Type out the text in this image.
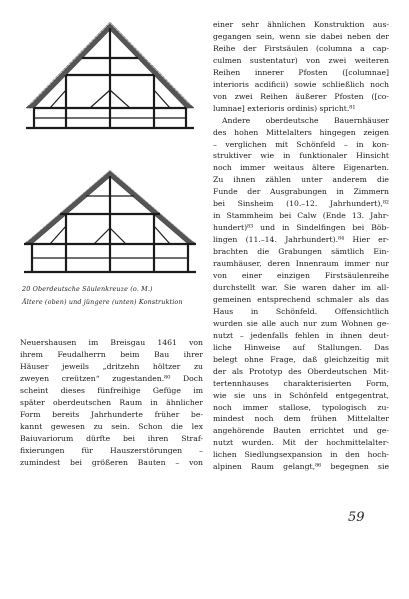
20 Oberdeutsche Säulenkreuze (o. M.)
Ältere (oben) und jüngere (unten) Konstruktion
Neuershausen im Breisgau 1461 von
ihrem Feudalherrn beim Bau ihrer
Häuser jeweils „dritzehn höltzer zu
zweyen creützen“ zugestanden.⁸⁰ Doch
scheint dieses fünfreihige Gefüge im
später oberdeutschen Raum in ähnlicher
Form bereits Jahrhunderte früher be-
kannt gewesen zu sein. Schon die lex
Baiuvariorum dürfte bei ihren Straf-
fixierungen für Hauszerstörungen –
zumindest bei größeren Bauten – von
einer sehr ähnlichen Konstruktion aus-
gegangen sein, wenn sie dabei neben der
Reihe der Firstsäulen (columna a cap-
culmen sustentatur) von zwei weiteren
Reihen innerer Pfosten ([columnae]
interioris acdificii) sowie schließlich noch
von zwei Reihen äußerer Pfosten ([co-
lumnae] exterioris ordinis) spricht.⁸¹
Andere oberdeutsche Bauernhäuser
des hohen Mittelalters hingegen zeigen
– verglichen mit Schönfeld – in kon-
struktiver wie in funktionaler Hinsicht
noch immer weitaus ältere Eigenarten.
Zu ihnen zählen unter anderem die
Funde der Ausgrabungen in Zimmern
bei Sinsheim (10.–12. Jahrhundert),⁸²
in Stammheim bei Calw (Ende 13. Jahr-
hundert)⁸³ und in Sindelfingen bei Böb-
lingen (11.–14. Jahrhundert).⁸⁴ Hier er-
brachten die Grabungen sämtlich Ein-
raumhäuser, deren Innenraum immer nur
von einer einzigen Firstsäulenreihe
durchstellt war. Sie waren daher im all-
gemeinen entsprechend schmaler als das
Haus in Schönfeld. Offensichtlich
wurden sie alle auch nur zum Wohnen ge-
nutzt – jedenfalls fehlen in ihnen deut-
liche Hinweise auf Stallungen. Das
belegt ohne Frage, daß gleichzeitig mit
der als Prototyp des Oberdeutschen Mit-
tertennhauses charakterisierten Form,
wie sie uns in Schönfeld entgegentrat,
noch immer stallose, typologisch zu-
mindest noch dem frühen Mittelalter
angehörende Bauten errichtet und ge-
nutzt wurden. Mit der hochmittelalter-
lichen Siedlungsexpansion in den hoch-
alpinen Raum gelangt,⁸⁶ begegnen sie
59
